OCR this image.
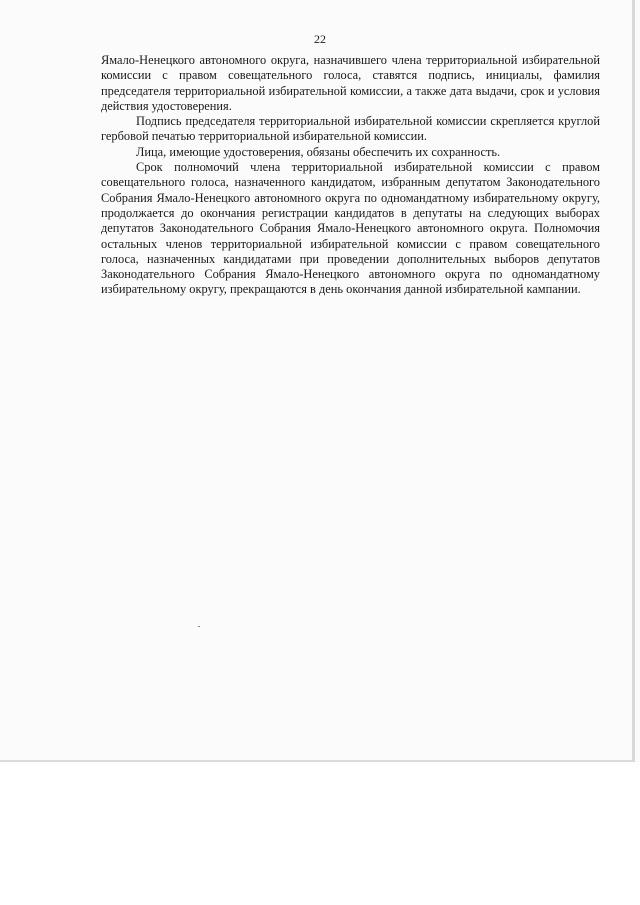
22

Ямало-Ненецкого автономного округа, назначившего члена территориальной избирательной комиссии с правом совещательного голоса, ставятся подпись, инициалы, фамилия председателя территориальной избирательной комиссии, а также дата выдачи, срок и условия действия удостоверения.

Подпись председателя территориальной избирательной комиссии скрепляется круглой гербовой печатью территориальной избирательной комиссии.

Лица, имеющие удостоверения, обязаны обеспечить их сохранность.

Срок полномочий члена территориальной избирательной комиссии с правом совещательного голоса, назначенного кандидатом, избранным депутатом Законодательного Собрания Ямало-Ненецкого автономного округа по одномандатному избирательному округу, продолжается до окончания регистрации кандидатов в депутаты на следующих выборах депутатов Законодательного Собрания Ямало-Ненецкого автономного округа. Полномочия остальных членов территориальной избирательной комиссии с правом совещательного голоса, назначенных кандидатами при проведении дополнительных выборов депутатов Законодательного Собрания Ямало-Ненецкого автономного округа по одномандатному избирательному округу, прекращаются в день окончания данной избирательной кампании.
